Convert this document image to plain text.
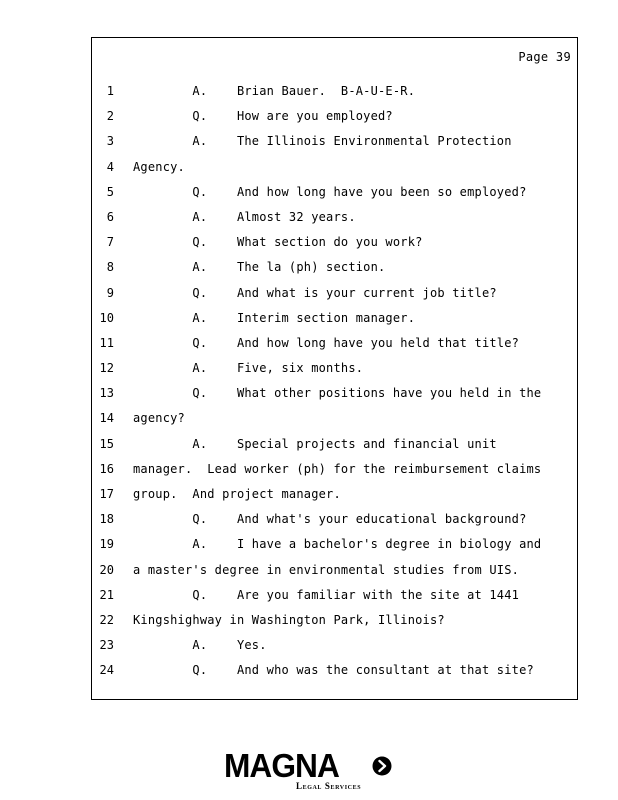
Page 39
1 A.    Brian Bauer.  B-A-U-E-R.
2 Q.    How are you employed?
3 A.    The Illinois Environmental Protection
4 Agency.
5 Q.    And how long have you been so employed?
6 A.    Almost 32 years.
7 Q.    What section do you work?
8 A.    The la (ph) section.
9 Q.    And what is your current job title?
10 A.    Interim section manager.
11 Q.    And how long have you held that title?
12 A.    Five, six months.
13 Q.    What other positions have you held in the
14 agency?
15 A.    Special projects and financial unit
16 manager.  Lead worker (ph) for the reimbursement claims
17 group.  And project manager.
18 Q.    And what's your educational background?
19 A.    I have a bachelor's degree in biology and
20 a master's degree in environmental studies from UIS.
21 Q.    Are you familiar with the site at 1441
22 Kingshighway in Washington Park, Illinois?
23 A.    Yes.
24 Q.    And who was the consultant at that site?
MAGNA
Legal Services
